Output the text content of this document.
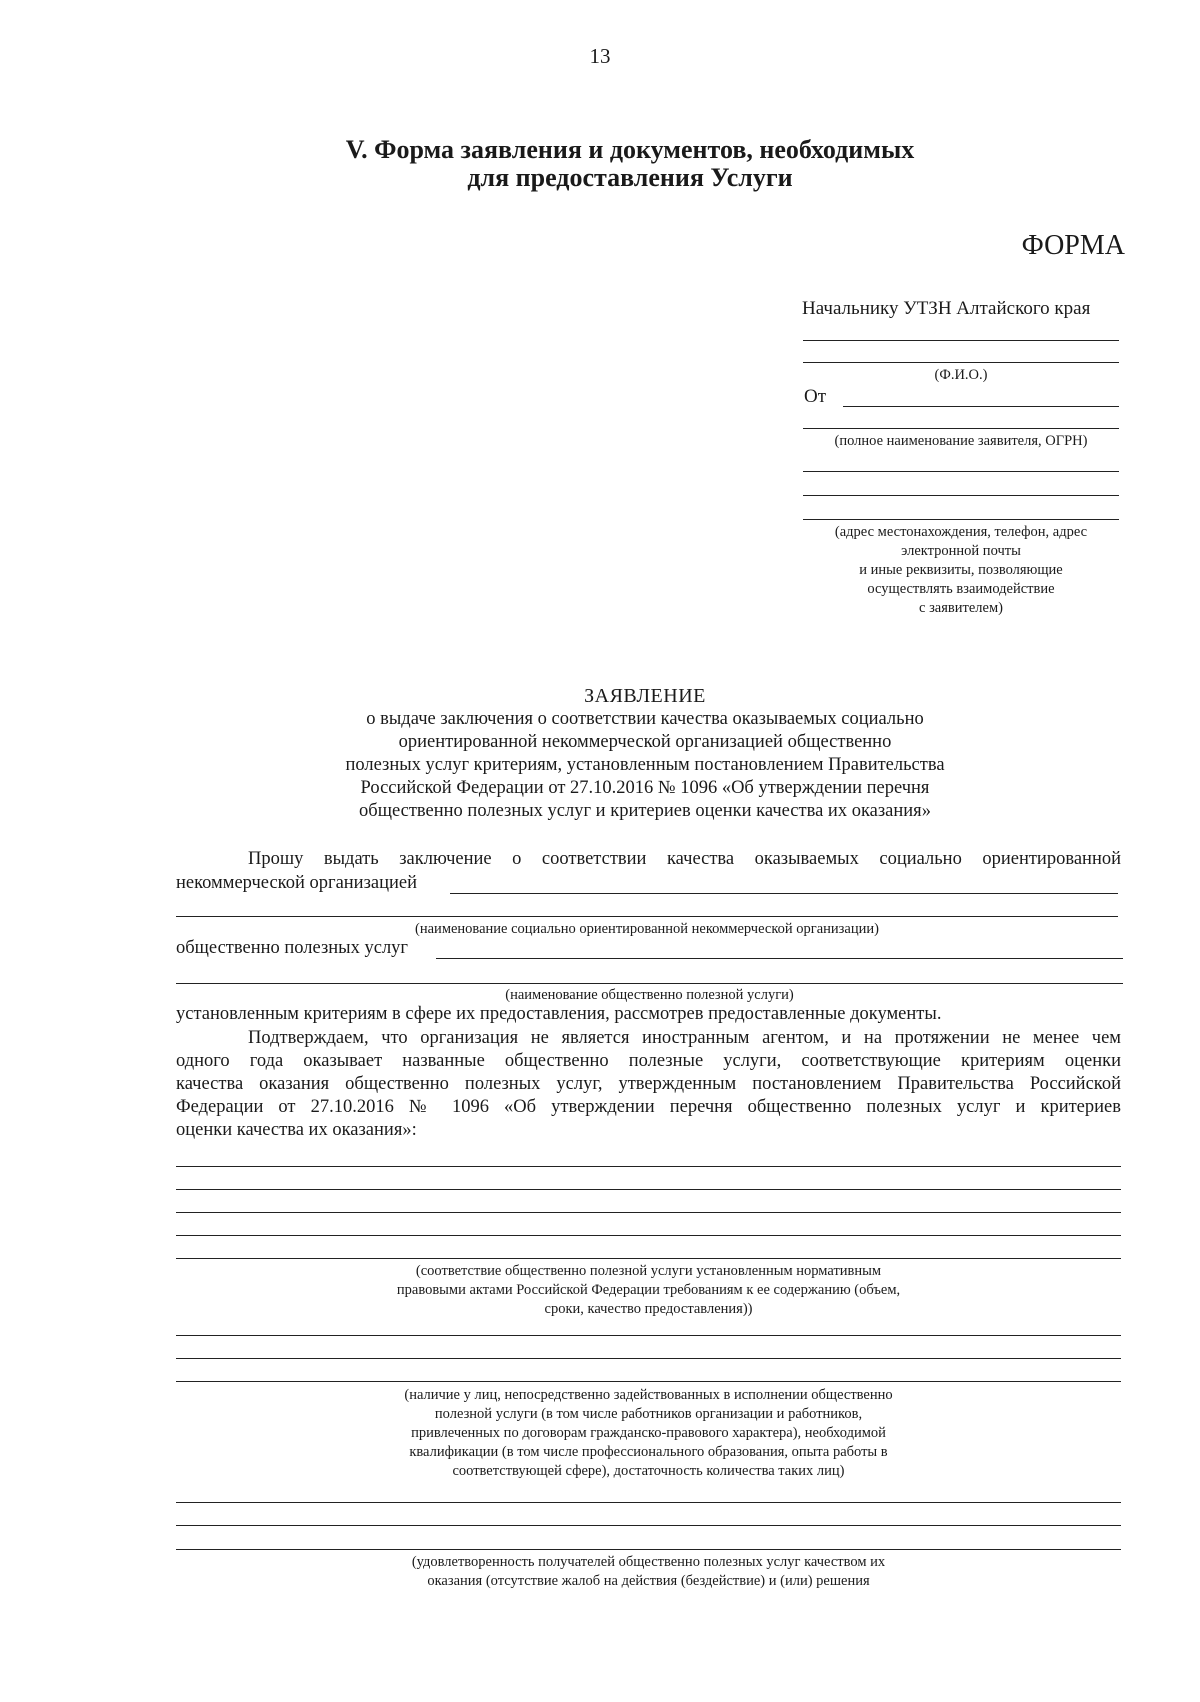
13
V. Форма заявления и документов, необходимых
для предоставления Услуги
ФОРМА
Начальнику УТЗН Алтайского края
(Ф.И.О.)
От
(полное наименование заявителя, ОГРН)
(адрес местонахождения, телефон, адрес
электронной почты
и иные реквизиты, позволяющие
осуществлять взаимодействие
с заявителем)
ЗАЯВЛЕНИЕ
о выдаче заключения о соответствии качества оказываемых социально
ориентированной некоммерческой организацией общественно
полезных услуг критериям, установленным постановлением Правительства
Российской Федерации от 27.10.2016 № 1096 «Об утверждении перечня
общественно полезных услуг и критериев оценки качества их оказания»
Прошу выдать заключение о соответствии качества оказываемых социально ориентированной
некоммерческой организацией
(наименование социально ориентированной некоммерческой организации)
общественно полезных услуг
(наименование общественно полезной услуги)
установленным критериям в сфере их предоставления, рассмотрев предоставленные документы.
Подтверждаем, что организация не является иностранным агентом, и на протяжении не менее чем
одного года оказывает названные общественно полезные услуги, соответствующие критериям оценки
качества оказания общественно полезных услуг, утвержденным постановлением Правительства Российской
Федерации от 27.10.2016 № 1096 «Об утверждении перечня общественно полезных услуг и критериев
оценки качества их оказания»:
(соответствие общественно полезной услуги установленным нормативным
правовыми актами Российской Федерации требованиям к ее содержанию (объем,
сроки, качество предоставления))
(наличие у лиц, непосредственно задействованных в исполнении общественно
полезной услуги (в том числе работников организации и работников,
привлеченных по договорам гражданско-правового характера), необходимой
квалификации (в том числе профессионального образования, опыта работы в
соответствующей сфере), достаточность количества таких лиц)
(удовлетворенность получателей общественно полезных услуг качеством их
оказания (отсутствие жалоб на действия (бездействие) и (или) решения
